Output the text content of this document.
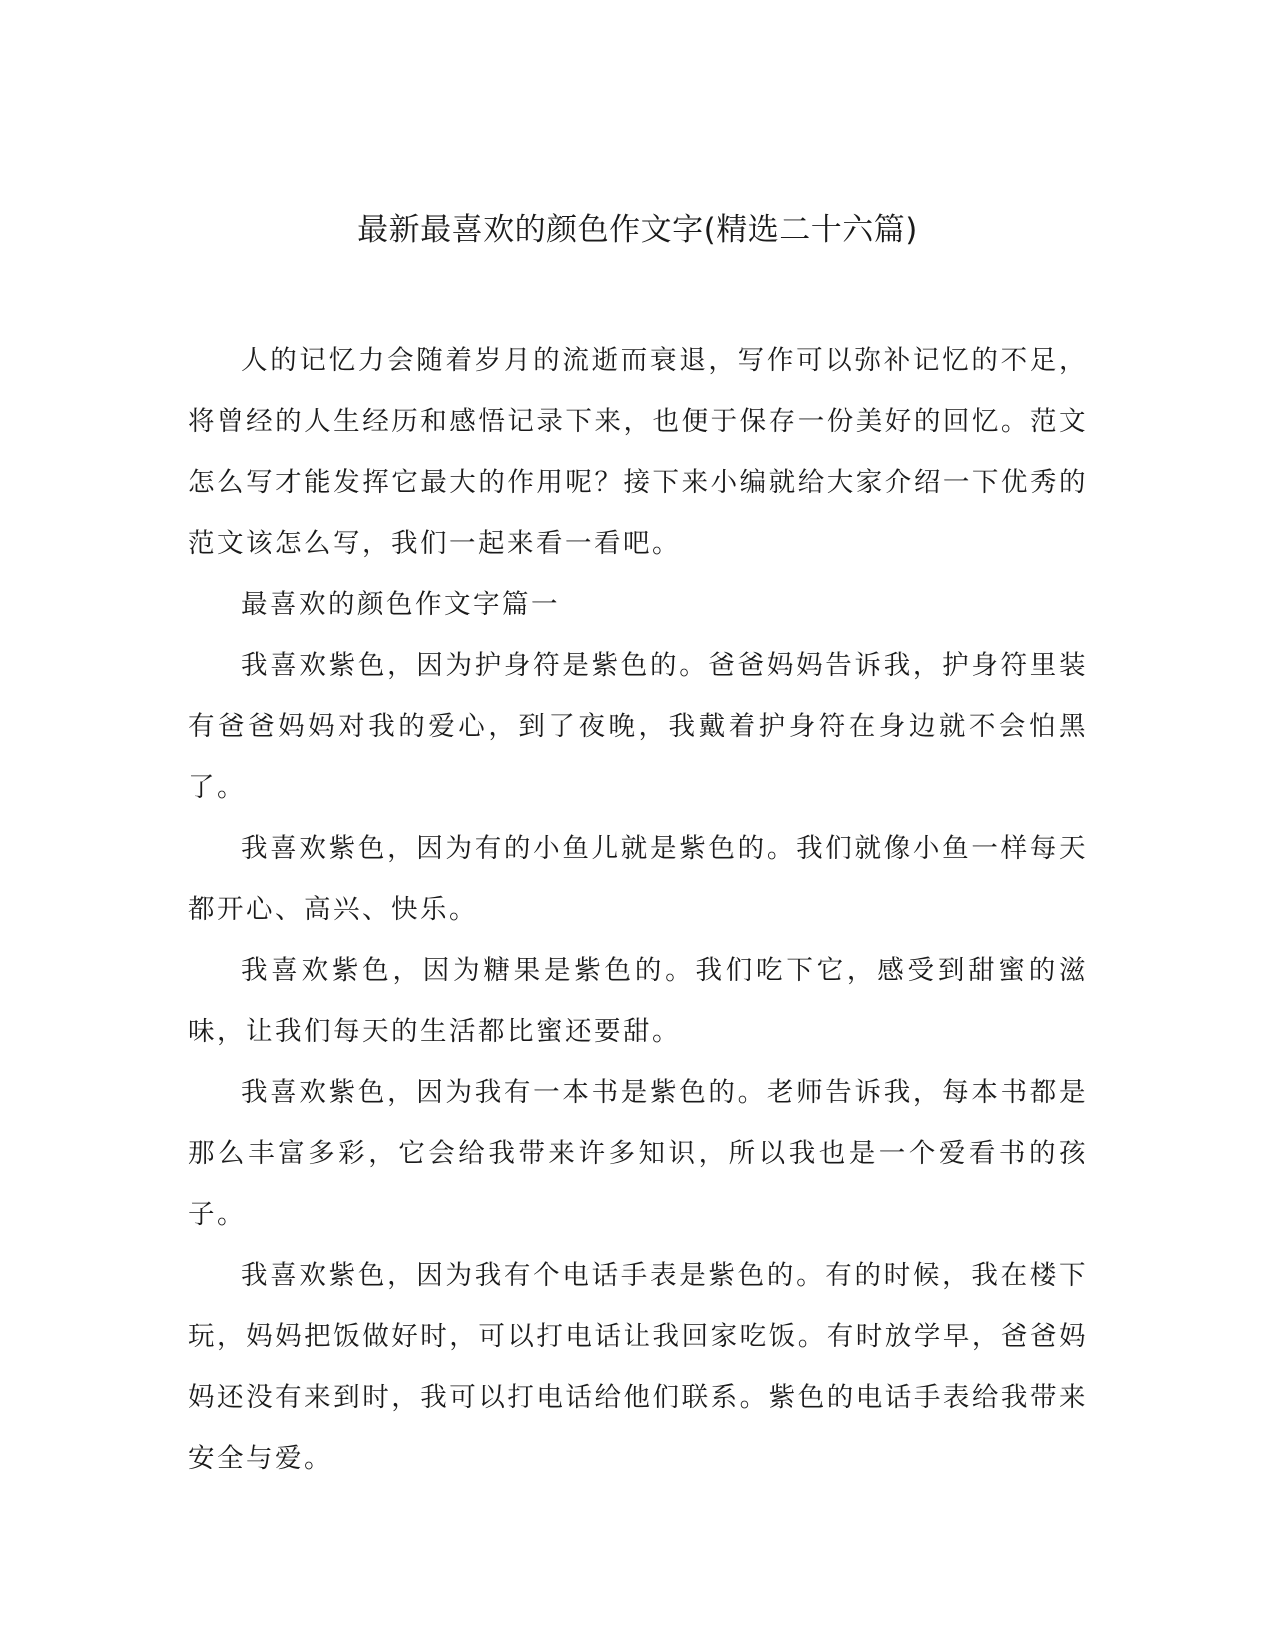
最新最喜欢的颜色作文字(精选二十六篇)

人的记忆力会随着岁月的流逝而衰退，写作可以弥补记忆的不足，将曾经的人生经历和感悟记录下来，也便于保存一份美好的回忆。范文怎么写才能发挥它最大的作用呢？接下来小编就给大家介绍一下优秀的范文该怎么写，我们一起来看一看吧。

最喜欢的颜色作文字篇一

我喜欢紫色，因为护身符是紫色的。爸爸妈妈告诉我，护身符里装有爸爸妈妈对我的爱心，到了夜晚，我戴着护身符在身边就不会怕黑了。

我喜欢紫色，因为有的小鱼儿就是紫色的。我们就像小鱼一样每天都开心、高兴、快乐。

我喜欢紫色，因为糖果是紫色的。我们吃下它，感受到甜蜜的滋味，让我们每天的生活都比蜜还要甜。

我喜欢紫色，因为我有一本书是紫色的。老师告诉我，每本书都是那么丰富多彩，它会给我带来许多知识，所以我也是一个爱看书的孩子。

我喜欢紫色，因为我有个电话手表是紫色的。有的时候，我在楼下玩，妈妈把饭做好时，可以打电话让我回家吃饭。有时放学早，爸爸妈妈还没有来到时，我可以打电话给他们联系。紫色的电话手表给我带来安全与爱。
